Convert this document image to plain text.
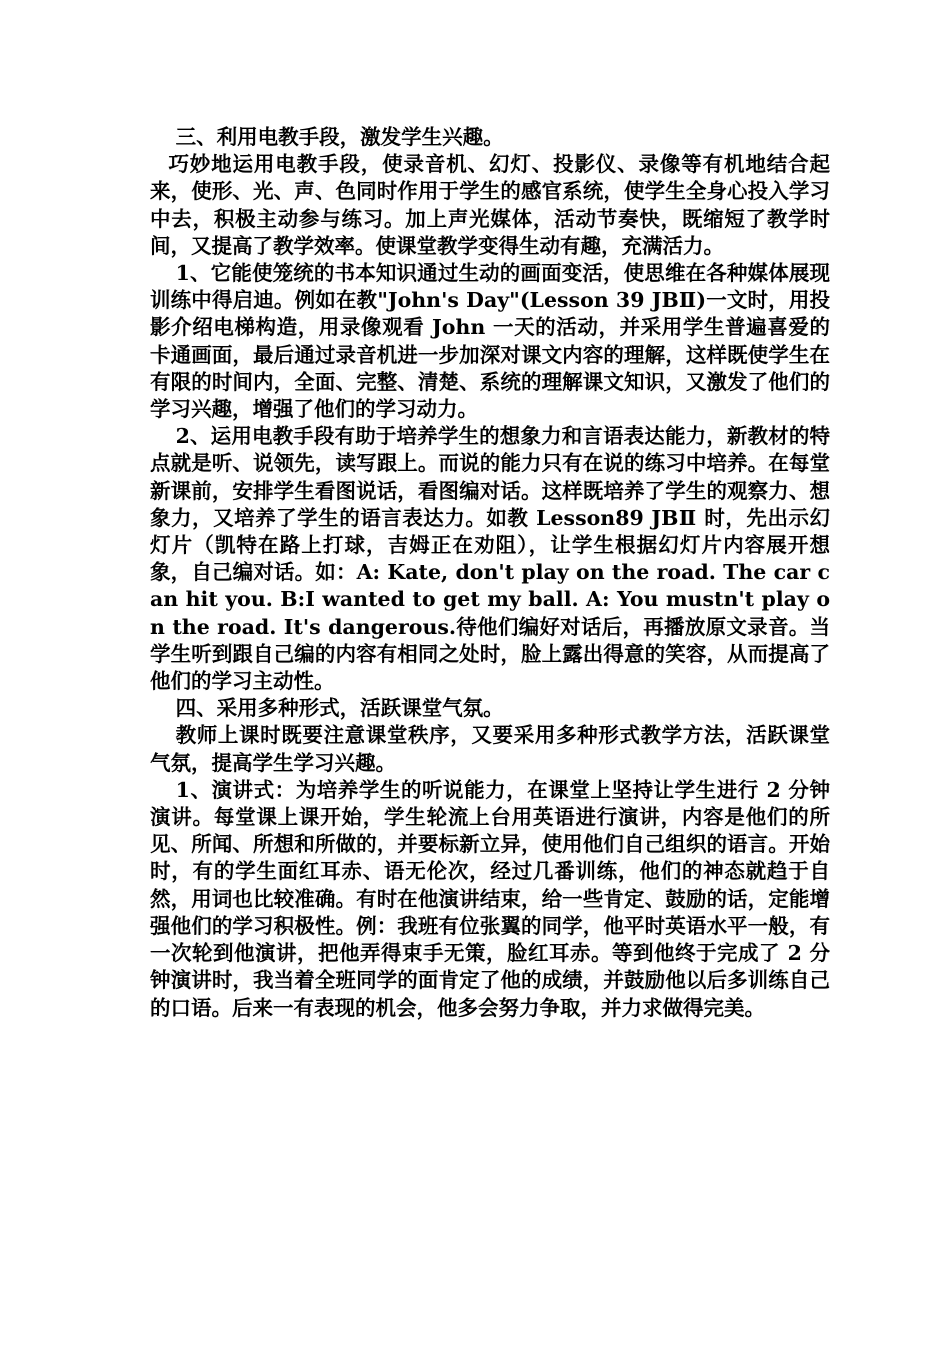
三、利用电教手段，激发学生兴趣。

巧妙地运用电教手段，使录音机、幻灯、投影仪、录像等有机地结合起来，使形、光、声、色同时作用于学生的感官系统，使学生全身心投入学习中去，积极主动参与练习。加上声光媒体，活动节奏快，既缩短了教学时间，又提高了教学效率。使课堂教学变得生动有趣，充满活力。

1、它能使笼统的书本知识通过生动的画面变活，使思维在各种媒体展现训练中得启迪。例如在教"John's Day"(Lesson 39 JBⅡ)一文时，用投影介绍电梯构造，用录像观看 John 一天的活动，并采用学生普遍喜爱的卡通画面，最后通过录音机进一步加深对课文内容的理解，这样既使学生在有限的时间内，全面、完整、清楚、系统的理解课文知识，又激发了他们的学习兴趣，增强了他们的学习动力。

2、运用电教手段有助于培养学生的想象力和言语表达能力，新教材的特点就是听、说领先，读写跟上。而说的能力只有在说的练习中培养。在每堂新课前，安排学生看图说话，看图编对话。这样既培养了学生的观察力、想象力，又培养了学生的语言表达力。如教 Lesson89 JBⅡ 时，先出示幻灯片（凯特在路上打球，吉姆正在劝阻），让学生根据幻灯片内容展开想象，自己编对话。如：A: Kate, don't play on the road. The car can hit you. B:I wanted to get my ball. A: You mustn't play on the road. It's dangerous.待他们编好对话后，再播放原文录音。当学生听到跟自己编的内容有相同之处时，脸上露出得意的笑容，从而提高了他们的学习主动性。

四、采用多种形式，活跃课堂气氛。

教师上课时既要注意课堂秩序，又要采用多种形式教学方法，活跃课堂气氛，提高学生学习兴趣。

1、演讲式：为培养学生的听说能力，在课堂上坚持让学生进行 2 分钟演讲。每堂课上课开始，学生轮流上台用英语进行演讲，内容是他们的所见、所闻、所想和所做的，并要标新立异，使用他们自己组织的语言。开始时，有的学生面红耳赤、语无伦次，经过几番训练，他们的神态就趋于自然，用词也比较准确。有时在他演讲结束，给一些肯定、鼓励的话，定能增强他们的学习积极性。例：我班有位张翼的同学，他平时英语水平一般，有一次轮到他演讲，把他弄得束手无策，脸红耳赤。等到他终于完成了 2 分钟演讲时，我当着全班同学的面肯定了他的成绩，并鼓励他以后多训练自己的口语。后来一有表现的机会，他多会努力争取，并力求做得完美。
